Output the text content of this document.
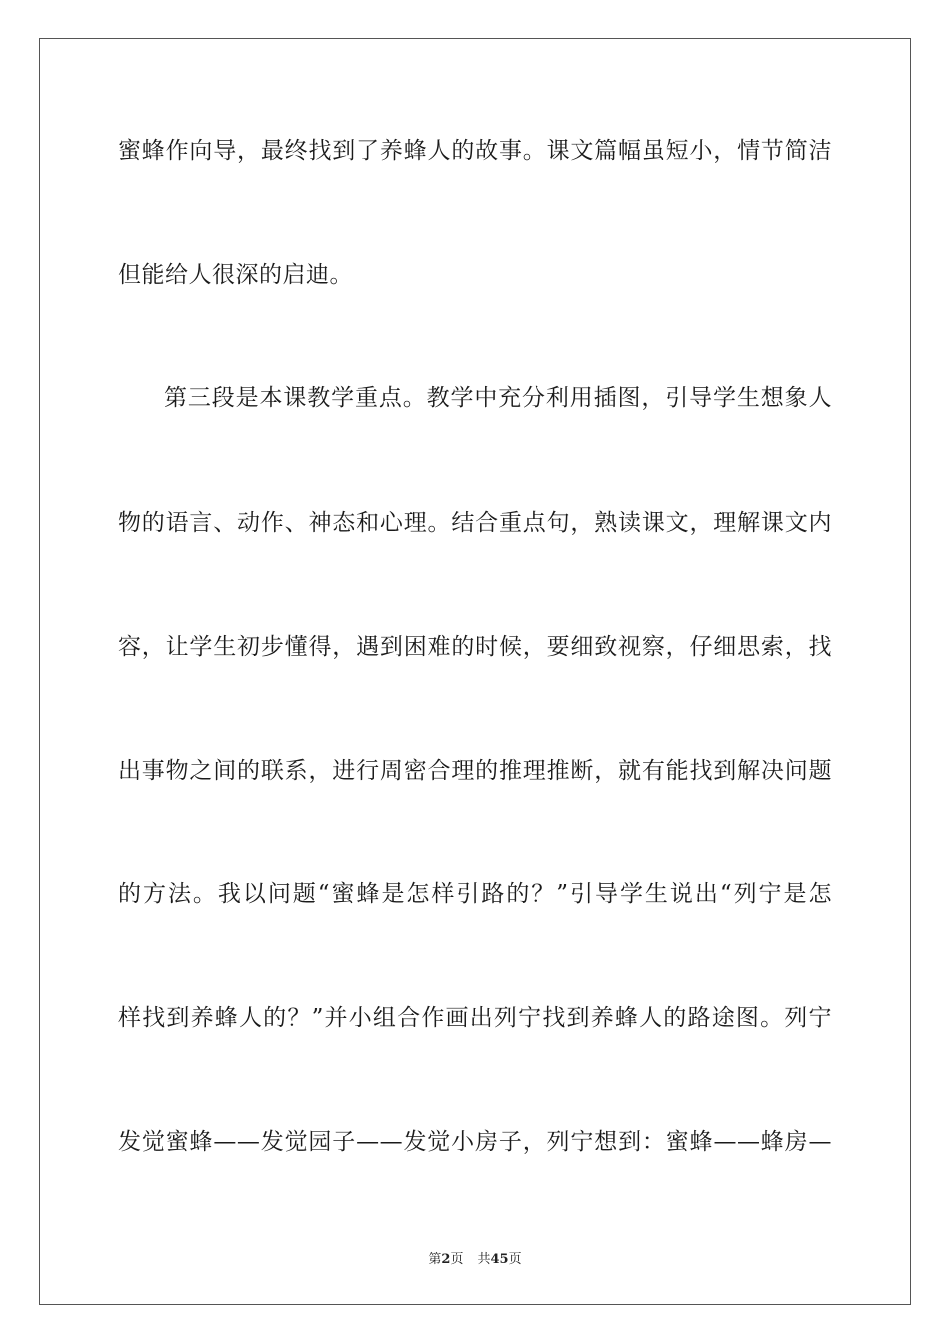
蜜蜂作向导，最终找到了养蜂人的故事。课文篇幅虽短小，情节简洁
但能给人很深的启迪。
第三段是本课教学重点。教学中充分利用插图，引导学生想象人
物的语言、动作、神态和心理。结合重点句，熟读课文，理解课文内
容，让学生初步懂得，遇到困难的时候，要细致视察，仔细思索，找
出事物之间的联系，进行周密合理的推理推断，就有能找到解决问题
的方法。我以问题“蜜蜂是怎样引路的？”引导学生说出“列宁是怎
样找到养蜂人的？”并小组合作画出列宁找到养蜂人的路途图。列宁
发觉蜜蜂——发觉园子——发觉小房子，列宁想到：蜜蜂——蜂房—
第2页 共45页
